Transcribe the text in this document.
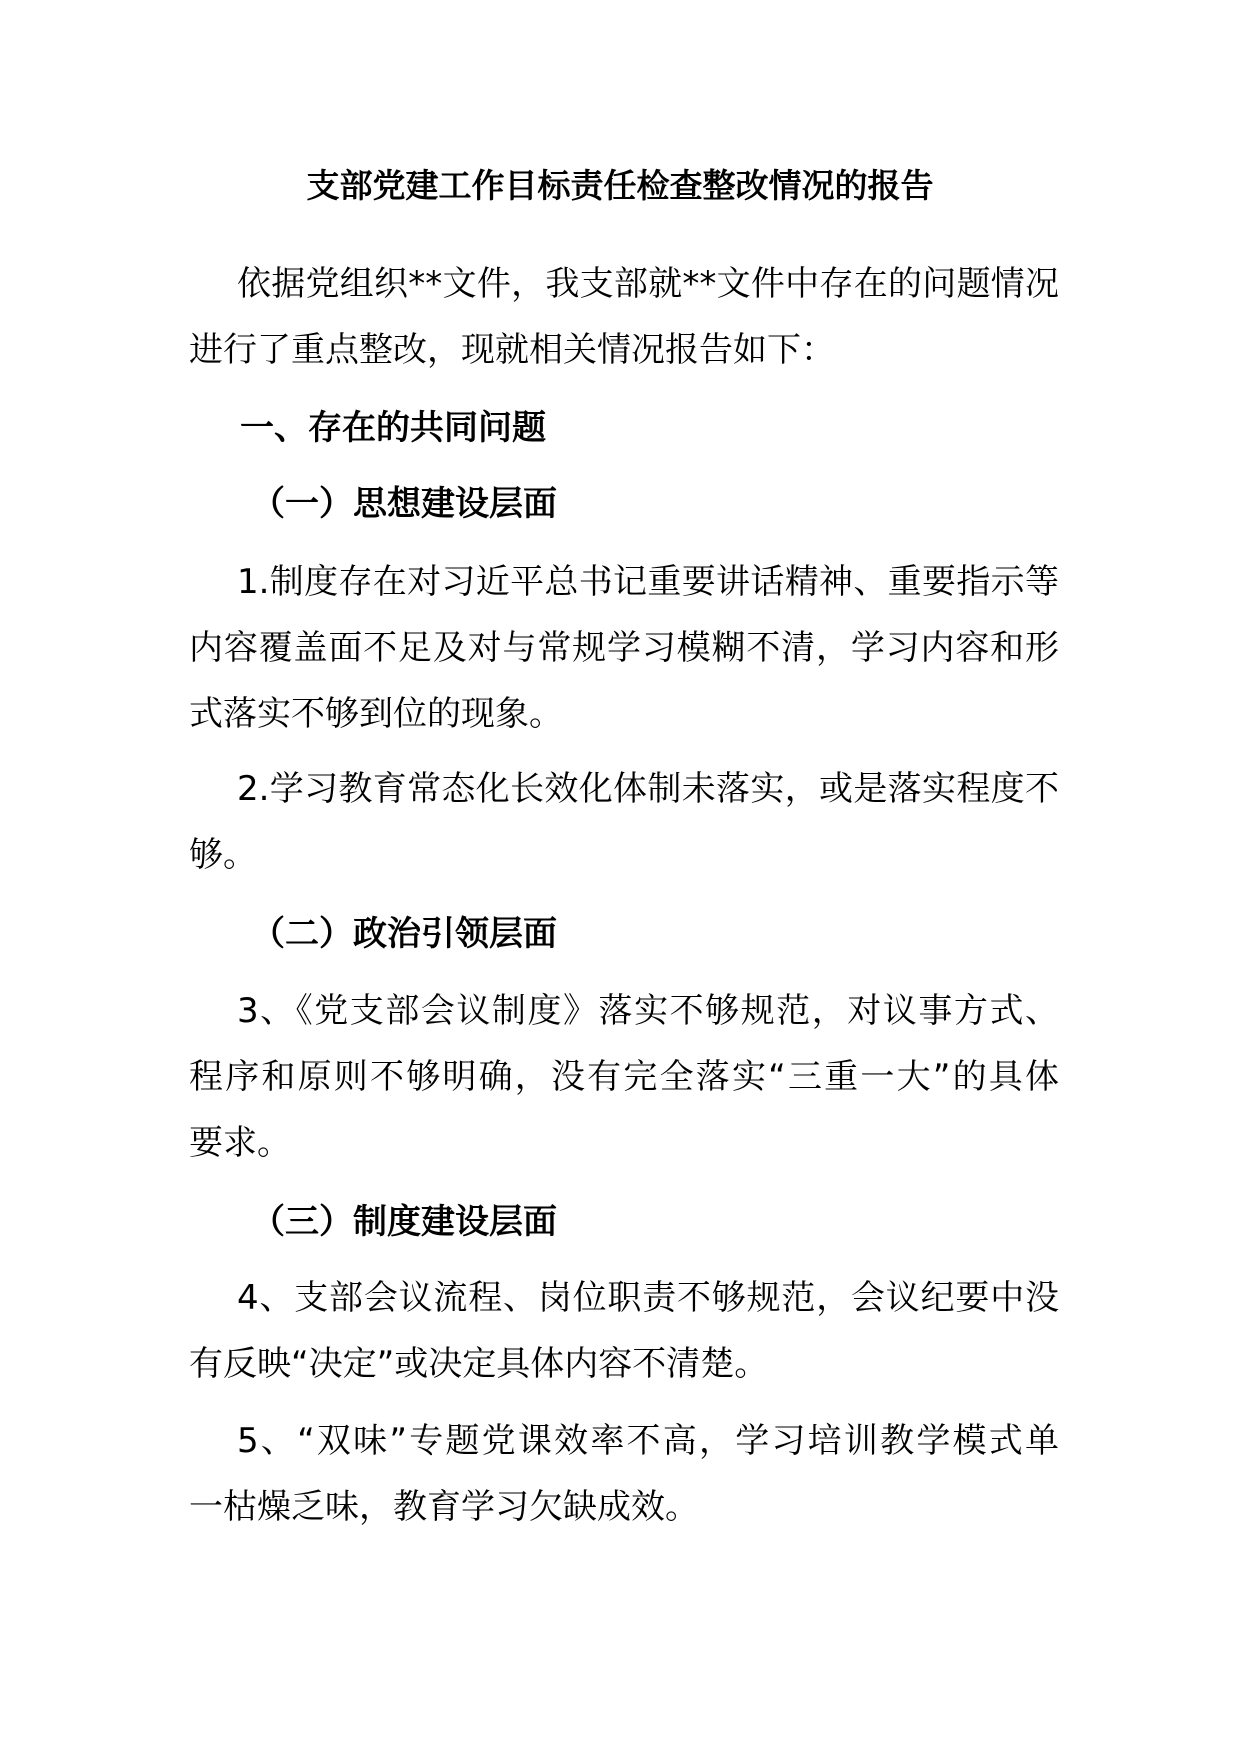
支部党建工作目标责任检查整改情况的报告
依据党组织**文件，我支部就**文件中存在的问题情况
进行了重点整改，现就相关情况报告如下：
一、存在的共同问题
（一）思想建设层面
1.制度存在对习近平总书记重要讲话精神、重要指示等
内容覆盖面不足及对与常规学习模糊不清，学习内容和形
式落实不够到位的现象。
2.学习教育常态化长效化体制未落实，或是落实程度不
够。
（二）政治引领层面
3、《党支部会议制度》落实不够规范，对议事方式、
程序和原则不够明确，没有完全落实“三重一大”的具体
要求。
（三）制度建设层面
4、支部会议流程、岗位职责不够规范，会议纪要中没
有反映“决定”或决定具体内容不清楚。
5、“双味”专题党课效率不高，学习培训教学模式单
一枯燥乏味，教育学习欠缺成效。
